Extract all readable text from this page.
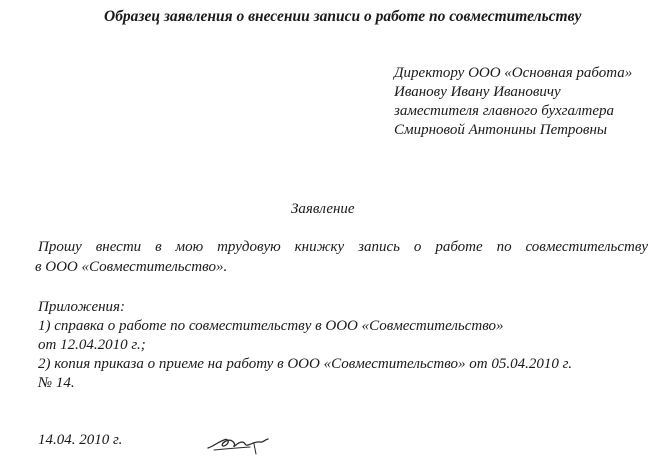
Образец заявления о внесении записи о работе по совместительству
Директору ООО «Основная работа»
Иванову Ивану Ивановичу
заместителя главного бухгалтера
Смирновой Антонины Петровны
Заявление
Прошу внести в мою трудовую книжку запись о работе по совместительству
в ООО «Совместительство».
Приложения:
1) справка о работе по совместительству в ООО «Совместительство»
от 12.04.2010 г.;
2) копия приказа о приеме на работу в ООО «Совместительство» от 05.04.2010 г.
№ 14.
14.04. 2010 г.
